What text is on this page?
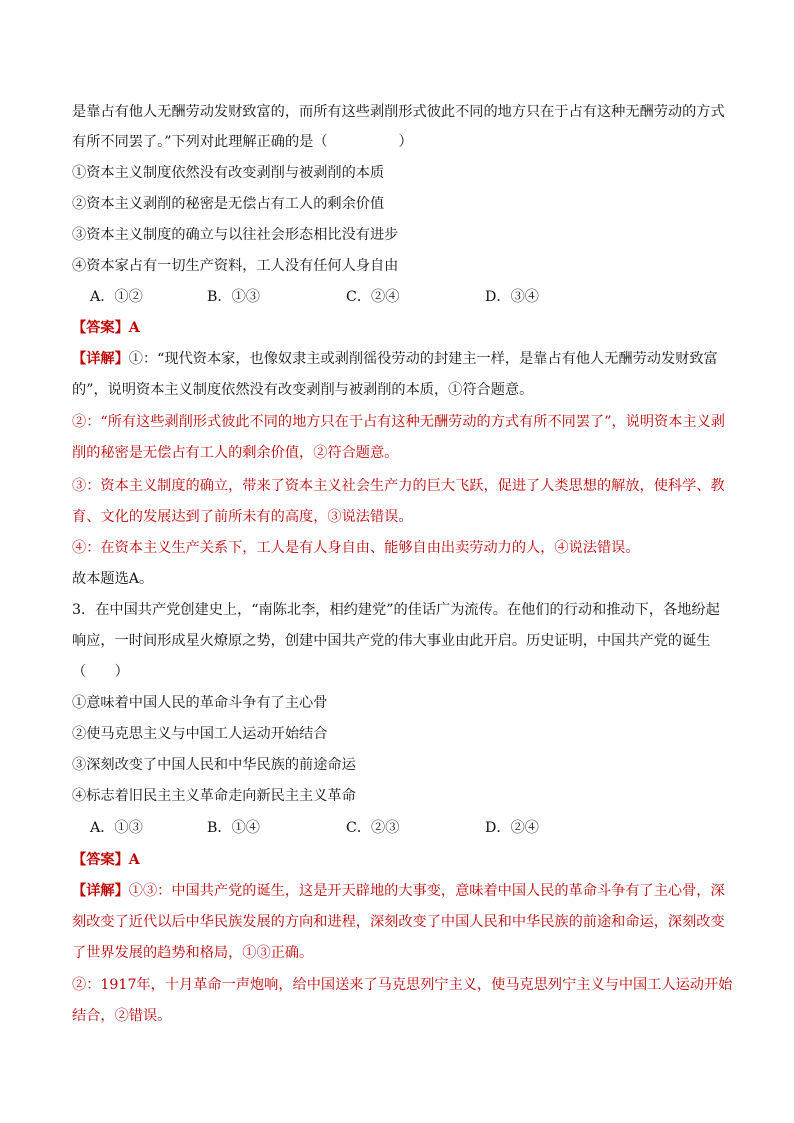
是靠占有他人无酬劳动发财致富的，而所有这些剥削形式彼此不同的地方只在于占有这种无酬劳动的方式
有所不同罢了。”下列对此理解正确的是（　　　　　）
①资本主义制度依然没有改变剥削与被剥削的本质
②资本主义剥削的秘密是无偿占有工人的剩余价值
③资本主义制度的确立与以往社会形态相比没有进步
④资本家占有一切生产资料，工人没有任何人身自由
A．①②	B．①③	C．②④	D．③④
【答案】A
【详解】①：“现代资本家，也像奴隶主或剥削徭役劳动的封建主一样，是靠占有他人无酬劳动发财致富
的”，说明资本主义制度依然没有改变剥削与被剥削的本质，①符合题意。
②：“所有这些剥削形式彼此不同的地方只在于占有这种无酬劳动的方式有所不同罢了”，说明资本主义剥
削的秘密是无偿占有工人的剩余价值，②符合题意。
③：资本主义制度的确立，带来了资本主义社会生产力的巨大飞跃，促进了人类思想的解放，使科学、教
育、文化的发展达到了前所未有的高度，③说法错误。
④：在资本主义生产关系下，工人是有人身自由、能够自由出卖劳动力的人，④说法错误。
故本题选A。
3．在中国共产党创建史上，“南陈北李，相约建党”的佳话广为流传。在他们的行动和推动下，各地纷起
响应，一时间形成星火燎原之势，创建中国共产党的伟大事业由此开启。历史证明，中国共产党的诞生
（　　）
①意味着中国人民的革命斗争有了主心骨
②使马克思主义与中国工人运动开始结合
③深刻改变了中国人民和中华民族的前途命运
④标志着旧民主主义革命走向新民主主义革命
A．①③	B．①④	C．②③	D．②④
【答案】A
【详解】①③：中国共产党的诞生，这是开天辟地的大事变，意味着中国人民的革命斗争有了主心骨，深
刻改变了近代以后中华民族发展的方向和进程，深刻改变了中国人民和中华民族的前途和命运，深刻改变
了世界发展的趋势和格局，①③正确。
②：1917年，十月革命一声炮响，给中国送来了马克思列宁主义，使马克思列宁主义与中国工人运动开始
结合，②错误。
